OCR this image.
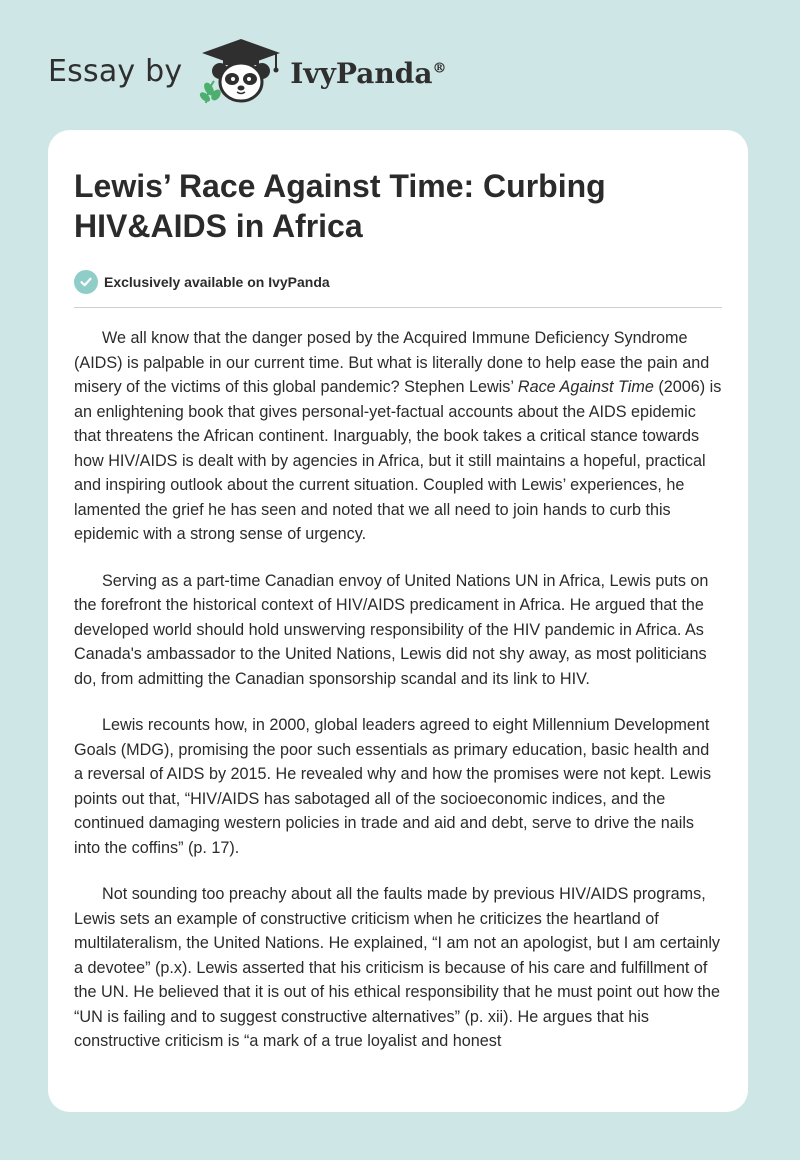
Essay by	IvyPanda®
Lewis’ Race Against Time: Curbing HIV&AIDS in Africa
Exclusively available on IvyPanda

We all know that the danger posed by the Acquired Immune Deficiency Syndrome (AIDS) is palpable in our current time. But what is literally done to help ease the pain and misery of the victims of this global pandemic? Stephen Lewis’ Race Against Time (2006) is an enlightening book that gives personal-yet-factual accounts about the AIDS epidemic that threatens the African continent. Inarguably, the book takes a critical stance towards how HIV/AIDS is dealt with by agencies in Africa, but it still maintains a hopeful, practical and inspiring outlook about the current situation. Coupled with Lewis’ experiences, he lamented the grief he has seen and noted that we all need to join hands to curb this epidemic with a strong sense of urgency.

Serving as a part-time Canadian envoy of United Nations UN in Africa, Lewis puts on the forefront the historical context of HIV/AIDS predicament in Africa. He argued that the developed world should hold unswerving responsibility of the HIV pandemic in Africa. As Canada's ambassador to the United Nations, Lewis did not shy away, as most politicians do, from admitting the Canadian sponsorship scandal and its link to HIV.

Lewis recounts how, in 2000, global leaders agreed to eight Millennium Development Goals (MDG), promising the poor such essentials as primary education, basic health and a reversal of AIDS by 2015. He revealed why and how the promises were not kept. Lewis points out that, “HIV/AIDS has sabotaged all of the socioeconomic indices, and the continued damaging western policies in trade and aid and debt, serve to drive the nails into the coffins” (p. 17).

Not sounding too preachy about all the faults made by previous HIV/AIDS programs, Lewis sets an example of constructive criticism when he criticizes the heartland of multilateralism, the United Nations. He explained, “I am not an apologist, but I am certainly a devotee” (p.x). Lewis asserted that his criticism is because of his care and fulfillment of the UN. He believed that it is out of his ethical responsibility that he must point out how the “UN is failing and to suggest constructive alternatives” (p. xii). He argues that his constructive criticism is “a mark of a true loyalist and honest
